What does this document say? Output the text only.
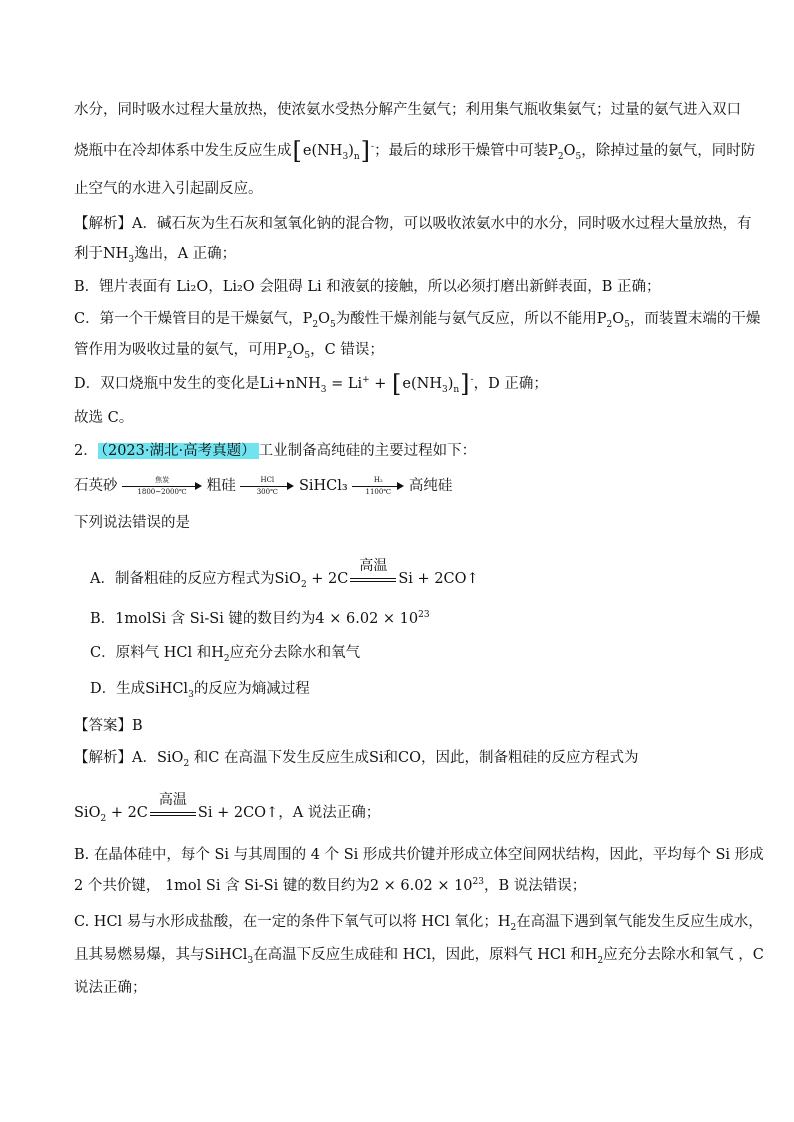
水分，同时吸水过程大量放热，使浓氨水受热分解产生氨气；利用集气瓶收集氨气；过量的氨气进入双口
烧瓶中在冷却体系中发生反应生成$[e(NH_3)_n]^-$；最后的球形干燥管中可装$P_2O_5$，除掉过量的氨气，同时防
止空气的水进入引起副反应。
【解析】A．碱石灰为生石灰和氢氧化钠的混合物，可以吸收浓氨水中的水分，同时吸水过程大量放热，有
利于$NH_3$逸出，A 正确；
B．锂片表面有 Li₂O，Li₂O 会阻碍 Li 和液氨的接触，所以必须打磨出新鲜表面，B 正确；
C．第一个干燥管目的是干燥氨气，$P_2O_5$为酸性干燥剂能与氨气反应，所以不能用$P_2O_5$，而装置末端的干燥
管作用为吸收过量的氨气，可用$P_2O_5$，C 错误；
D．双口烧瓶中发生的变化是$Li+nNH_3 = Li^+ + [e(NH_3)_n]^-$，D 正确；
故选 C。
2． （2023·湖北·高考真题） 工业制备高纯硅的主要过程如下：
石英砂	焦炭
1800~2000℃	粗硅	HCl
300℃	SiHCl₃ $\frac{\text{H₂}}{1100℃}$ 高纯硅
下列说法错误的是
A．制备粗硅的反应方程式为SiO$_2$ + 2C
高温
Si + 2CO↑
B．1molSi 含 Si-Si 键的数目约为$4 \times 6.02 \times 10^{23}$
C．原料气 HCl 和$H_2$应充分去除水和氧气
D．生成SiHCl$_3$的反应为熵减过程
【答案】B
【解析】A．SiO$_2$ 和C 在高温下发生反应生成Si和CO，因此，制备粗硅的反应方程式为
SiO$_2$ + 2C
高温
Si + 2CO↑，A 说法正确；
B. 在晶体硅中，每个 Si 与其周围的 4 个 Si 形成共价键并形成立体空间网状结构，因此，平均每个 Si 形成
2 个共价键， 1mol Si 含 Si-Si 键的数目约为$2 \times 6.02 \times 10^{23}$，B 说法错误；
C. HCl 易与水形成盐酸，在一定的条件下氧气可以将 HCl 氧化；$H_2$在高温下遇到氧气能发生反应生成水，
且其易燃易爆，其与SiHCl$_3$在高温下反应生成硅和 HCl，因此，原料气 HCl 和$H_2$应充分去除水和氧气 ，C
说法正确；
